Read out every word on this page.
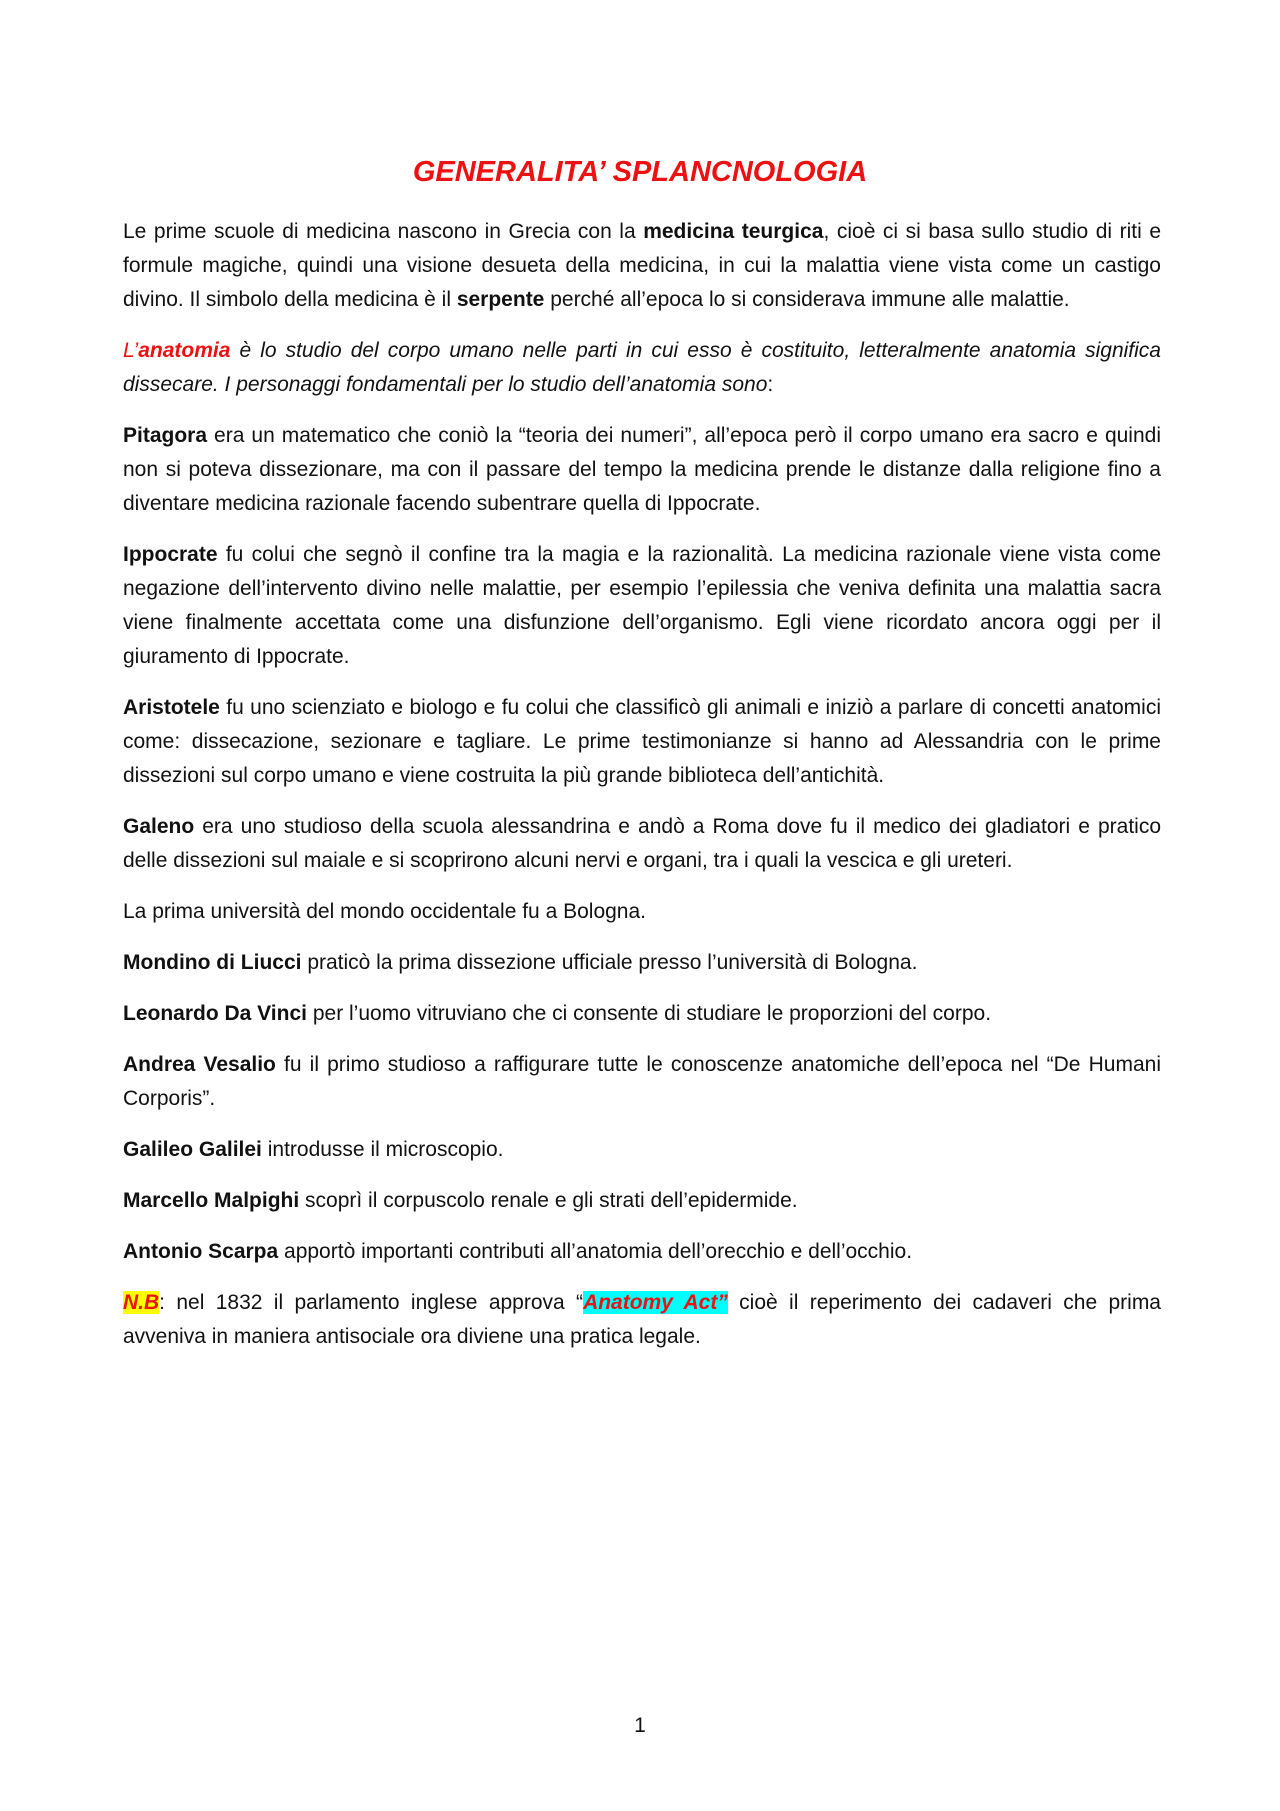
GENERALITA’ SPLANCNOLOGIA

Le prime scuole di medicina nascono in Grecia con la medicina teurgica, cioè ci si basa sullo studio di riti e formule magiche, quindi una visione desueta della medicina, in cui la malattia viene vista come un castigo divino. Il simbolo della medicina è il serpente perché all’epoca lo si considerava immune alle malattie.

L’anatomia è lo studio del corpo umano nelle parti in cui esso è costituito, letteralmente anatomia significa dissecare. I personaggi fondamentali per lo studio dell’anatomia sono:

Pitagora era un matematico che coniò la “teoria dei numeri”, all’epoca però il corpo umano era sacro e quindi non si poteva dissezionare, ma con il passare del tempo la medicina prende le distanze dalla religione fino a diventare medicina razionale facendo subentrare quella di Ippocrate.

Ippocrate fu colui che segnò il confine tra la magia e la razionalità. La medicina razionale viene vista come negazione dell’intervento divino nelle malattie, per esempio l’epilessia che veniva definita una malattia sacra viene finalmente accettata come una disfunzione dell’organismo. Egli viene ricordato ancora oggi per il giuramento di Ippocrate.

Aristotele fu uno scienziato e biologo e fu colui che classificò gli animali e iniziò a parlare di concetti anatomici come: dissecazione, sezionare e tagliare. Le prime testimonianze si hanno ad Alessandria con le prime dissezioni sul corpo umano e viene costruita la più grande biblioteca dell’antichità.

Galeno era uno studioso della scuola alessandrina e andò a Roma dove fu il medico dei gladiatori e pratico delle dissezioni sul maiale e si scoprirono alcuni nervi e organi, tra i quali la vescica e gli ureteri.

La prima università del mondo occidentale fu a Bologna.

Mondino di Liucci praticò la prima dissezione ufficiale presso l’università di Bologna.

Leonardo Da Vinci per l’uomo vitruviano che ci consente di studiare le proporzioni del corpo.

Andrea Vesalio fu il primo studioso a raffigurare tutte le conoscenze anatomiche dell’epoca nel “De Humani Corporis”.

Galileo Galilei introdusse il microscopio.

Marcello Malpighi scoprì il corpuscolo renale e gli strati dell’epidermide.

Antonio Scarpa apportò importanti contributi all’anatomia dell’orecchio e dell’occhio.

N.B: nel 1832 il parlamento inglese approva “Anatomy Act” cioè il reperimento dei cadaveri che prima avveniva in maniera antisociale ora diviene una pratica legale.

1
